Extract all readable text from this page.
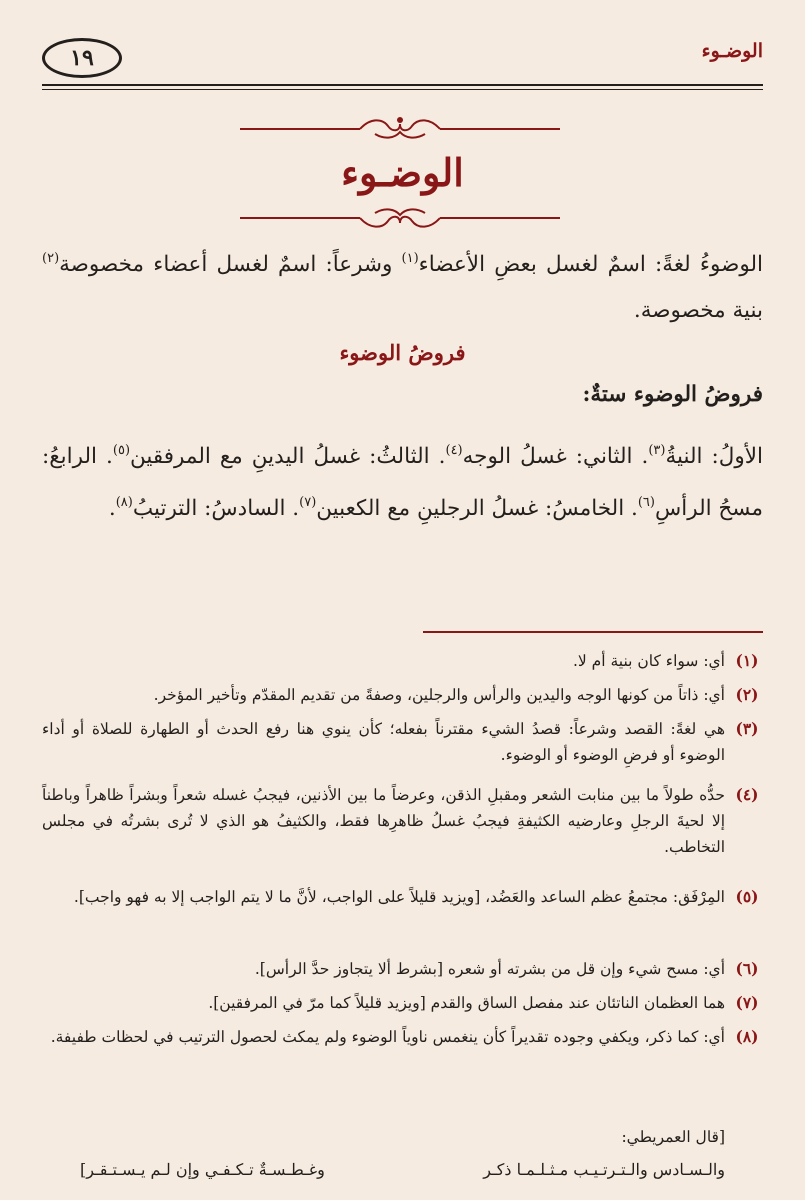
١٩	الوضـوء
الوضـوء

الوضوءُ لغةً: اسمٌ لغسل بعضِ الأعضاء$^{(١)}$ وشرعاً: اسمٌ لغسل أعضاء مخصوصة$^{(٢)}$ بنية مخصوصة.

فروضُ الوضوء
فروضُ الوضوء ستةٌ:

الأولُ: النيةُ$^{(٣)}$. الثاني: غسلُ الوجه$^{(٤)}$. الثالثُ: غسلُ اليدينِ مع المرفقين$^{(٥)}$. الرابعُ: مسحُ الرأسِ$^{(٦)}$. الخامسُ: غسلُ الرجلينِ مع الكعبين$^{(٧)}$. السادسُ: الترتيبُ$^{(٨)}$.

(١)
أي: سواء كان بنية أم لا.
(٢)
أي: ذاتاً من كونها الوجه واليدين والرأس والرجلين، وصفةً من تقديم المقدّم وتأخير المؤخر.
(٣)
هي لغةً: القصد وشرعاً: قصدُ الشيء مقترناً بفعله؛ كأن ينوي هنا رفع الحدث أو الطهارة للصلاة أو أداء الوضوء أو فرضِ الوضوء أو الوضوء.
(٤)
حدُّه طولاً ما بين منابت الشعر ومقبلِ الذقن، وعرضاً ما بين الأذنين، فيجبُ غسله شعراً وبشراً ظاهراً وباطناً إلا لحيةَ الرجلِ وعارضيه الكثيفةِ فيجبُ غسلُ ظاهرِها فقط، والكثيفُ هو الذي لا تُرى بشرتُه في مجلس التخاطب.
(٥)
المِرْفَق: مجتمعُ عظم الساعد والعَضُد، [ويزيد قليلاً على الواجب، لأنَّ ما لا يتم الواجب إلا به فهو واجب].
(٦)
أي: مسح شيء وإن قل من بشرته أو شعره [بشرط ألا يتجاوز حدَّ الرأس].
(٧)
هما العظمان الناتئان عند مفصل الساق والقدم [ويزيد قليلاً كما مرّ في المرفقين].
(٨)
أي: كما ذكر، ويكفي وجوده تقديراً كأن ينغمس ناوياً الوضوء ولم يمكث لحصول الترتيب في لحظات طفيفة.
[قال العمريطي:
والـسـادس والـتـرتـيـب مـثـلـمـا ذكـر
وغـطـسـةٌ تـكـفـي وإن لـم يـسـتـقـر]
